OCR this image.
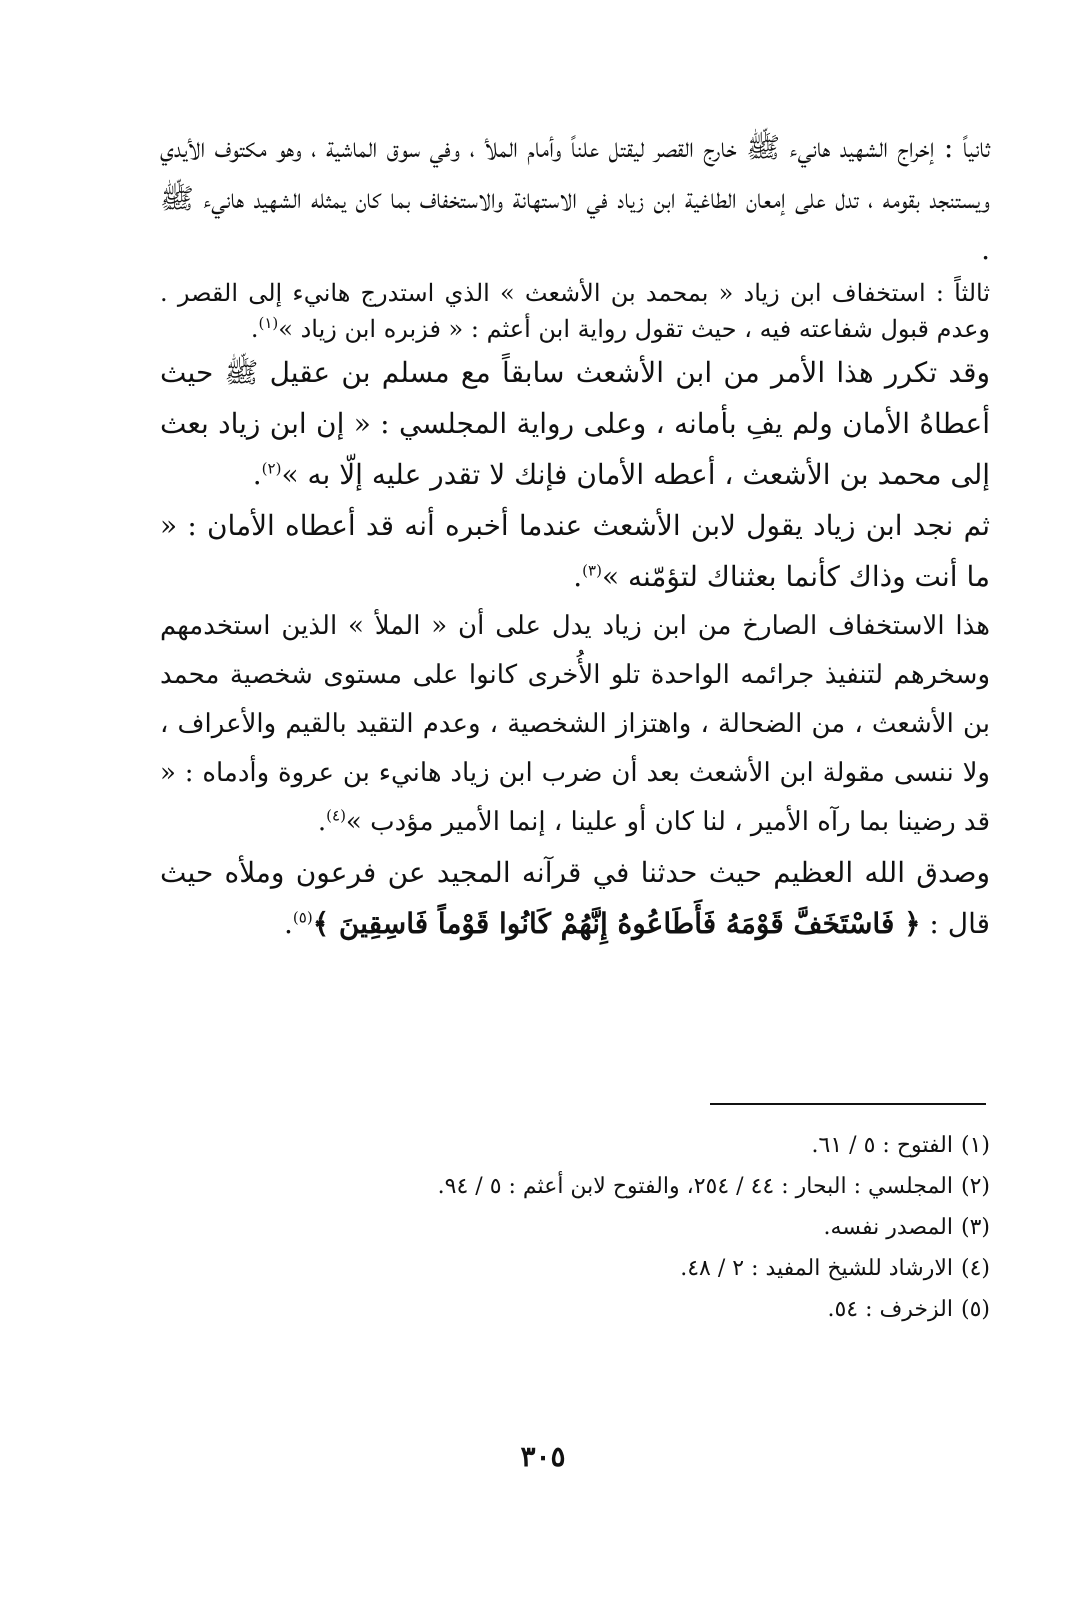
ثانياً : إخراج الشهيد هانيء ﷺ خارج القصر ليقتل علناً وأمام الملأ ، وفي سوق الماشية ، وهو مكتوف الأيدي ويستنجد بقومه ، تدل على إمعان الطاغية ابن زياد في الاستهانة والاستخفاف بما كان يمثله الشهيد هانيء ﷺ .

ثالثاً : استخفاف ابن زياد « بمحمد بن الأشعث » الذي استدرج هانيء إلى القصر . وعدم قبول شفاعته فيه ، حيث تقول رواية ابن أعثم : « فزبره ابن زياد »$^{(١)}$.

وقد تكرر هذا الأمر من ابن الأشعث سابقاً مع مسلم بن عقيل ﷺ حيث أعطاهُ الأمان ولم يفِ بأمانه ، وعلى رواية المجلسي : « إن ابن زياد بعث إلى محمد بن الأشعث ، أعطه الأمان فإنك لا تقدر عليه إلّا به »$^{(٢)}$.

ثم نجد ابن زياد يقول لابن الأشعث عندما أخبره أنه قد أعطاه الأمان : « ما أنت وذاك كأنما بعثناك لتؤمّنه »$^{(٣)}$.

هذا الاستخفاف الصارخ من ابن زياد يدل على أن « الملأ » الذين استخدمهم وسخرهم لتنفيذ جرائمه الواحدة تلو الأُخرى كانوا على مستوى شخصية محمد بن الأشعث ، من الضحالة ، واهتزاز الشخصية ، وعدم التقيد بالقيم والأعراف ، ولا ننسى مقولة ابن الأشعث بعد أن ضرب ابن زياد هانيء بن عروة وأدماه : « قد رضينا بما رآه الأمير ، لنا كان أو علينا ، إنما الأمير مؤدب »$^{(٤)}$.

وصدق الله العظيم حيث حدثنا في قرآنه المجيد عن فرعون وملأه حيث قال : ﴿ فَاسْتَخَفَّ قَوْمَهُ فَأَطَاعُوهُ إِنَّهُمْ كَانُوا قَوْماً فَاسِقِينَ ﴾$^{(٥)}$.

(١)الفتوح : ٥ / ٦١.
(٢)المجلسي : البحار : ٤٤ / ٢٥٤، والفتوح لابن أعثم : ٥ / ٩٤.
(٣)المصدر نفسه.
(٤)الارشاد للشيخ المفيد : ٢ / ٤٨.
(٥)الزخرف : ٥٤.
٣٠٥
